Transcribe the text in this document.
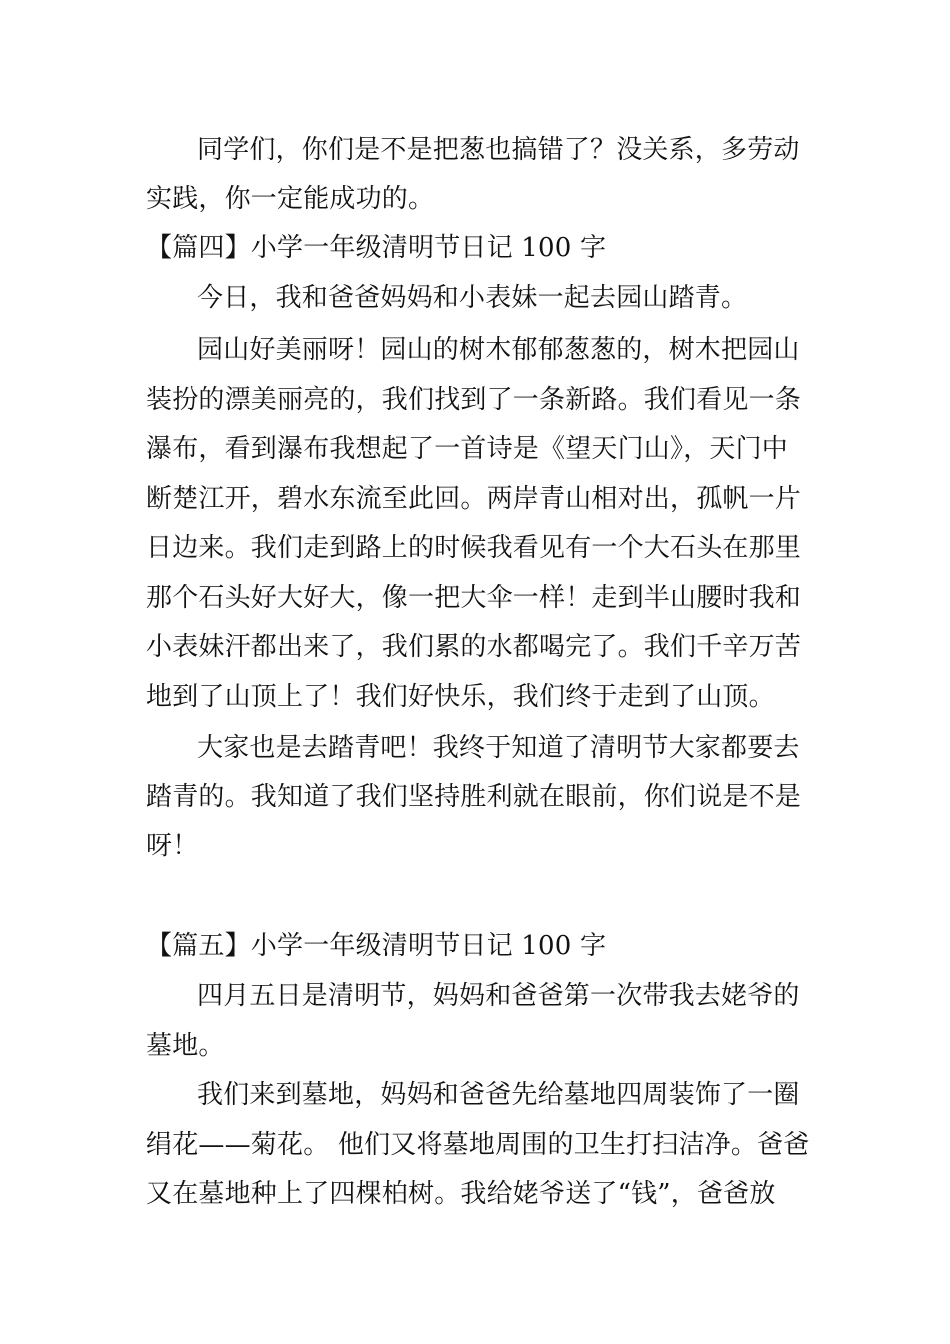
同学们，你们是不是把葱也搞错了？没关系，多劳动
实践，你一定能成功的。
【篇四】小学一年级清明节日记 100 字
今日，我和爸爸妈妈和小表妹一起去园山踏青。
园山好美丽呀！园山的树木郁郁葱葱的，树木把园山
装扮的漂美丽亮的，我们找到了一条新路。我们看见一条
瀑布，看到瀑布我想起了一首诗是《望天门山》，天门中
断楚江开，碧水东流至此回。两岸青山相对出，孤帆一片
日边来。我们走到路上的时候我看见有一个大石头在那里
那个石头好大好大，像一把大伞一样！走到半山腰时我和
小表妹汗都出来了，我们累的水都喝完了。我们千辛万苦
地到了山顶上了！我们好快乐，我们终于走到了山顶。
大家也是去踏青吧！我终于知道了清明节大家都要去
踏青的。我知道了我们坚持胜利就在眼前，你们说是不是
呀！
【篇五】小学一年级清明节日记 100 字
四月五日是清明节，妈妈和爸爸第一次带我去姥爷的
墓地。
我们来到墓地，妈妈和爸爸先给墓地四周装饰了一圈
绢花——菊花。 他们又将墓地周围的卫生打扫洁净。爸爸
又在墓地种上了四棵柏树。我给姥爷送了“钱”，爸爸放
